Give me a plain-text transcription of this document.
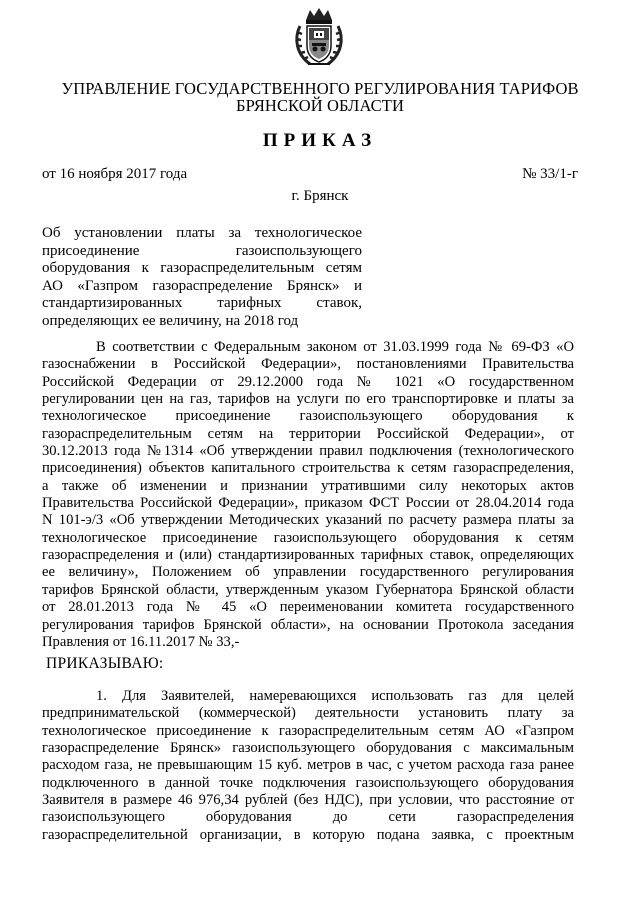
УПРАВЛЕНИЕ ГОСУДАРСТВЕННОГО РЕГУЛИРОВАНИЯ ТАРИФОВ
БРЯНСКОЙ ОБЛАСТИ
ПРИКАЗ
от 16 ноября 2017 года	№ 33/1-г
г. Брянск
Об установлении платы за технологическое
присоединение газоиспользующего
оборудования к газораспределительным сетям
АО «Газпром газораспределение Брянск» и
стандартизированных тарифных ставок,
определяющих ее величину, на 2018 год
В соответствии с Федеральным законом от 31.03.1999 года № 69-ФЗ «О
газоснабжении в Российской Федерации», постановлениями Правительства
Российской Федерации от 29.12.2000 года № 1021 «О государственном
регулировании цен на газ, тарифов на услуги по его транспортировке и платы за
технологическое присоединение газоиспользующего оборудования к
газораспределительным сетям на территории Российской Федерации», от
30.12.2013 года №1314 «Об утверждении правил подключения (технологического
присоединения) объектов капитального строительства к сетям газораспределения,
а также об изменении и признании утратившими силу некоторых актов
Правительства Российской Федерации», приказом ФСТ России от 28.04.2014 года
N 101-э/3 «Об утверждении Методических указаний по расчету размера платы за
технологическое присоединение газоиспользующего оборудования к сетям
газораспределения и (или) стандартизированных тарифных ставок, определяющих
ее величину», Положением об управлении государственного регулирования
тарифов Брянской области, утвержденным указом Губернатора Брянской области
от 28.01.2013 года № 45 «О переименовании комитета государственного
регулирования тарифов Брянской области», на основании Протокола заседания
Правления от 16.11.2017 № 33,-
ПРИКАЗЫВАЮ:
1. Для Заявителей, намеревающихся использовать газ для целей
предпринимательской (коммерческой) деятельности установить плату за
технологическое присоединение к газораспределительным сетям АО «Газпром
газораспределение Брянск» газоиспользующего оборудования с максимальным
расходом газа, не превышающим 15 куб. метров в час, с учетом расхода газа ранее
подключенного в данной точке подключения газоиспользующего оборудования
Заявителя в размере 46 976,34 рублей (без НДС), при условии, что расстояние от
газоиспользующего оборудования до сети газораспределения
газораспределительной организации, в которую подана заявка, с проектным
